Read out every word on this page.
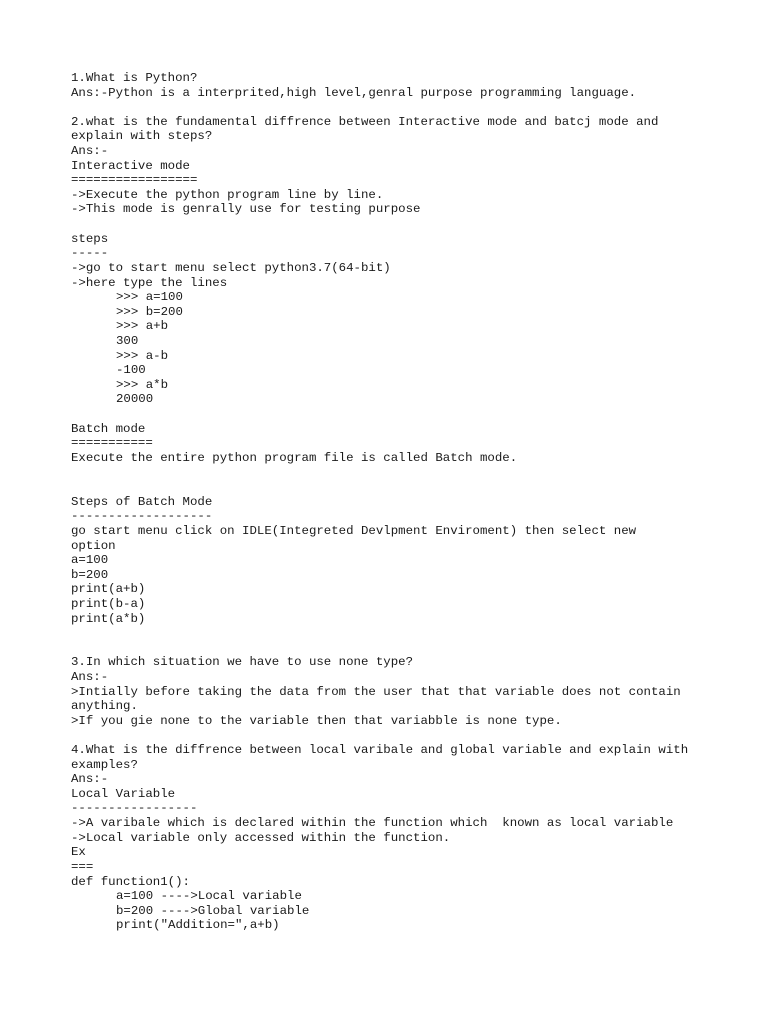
1.What is Python?
Ans:-Python is a interprited,high level,genral purpose programming language.
2.what is the fundamental diffrence between Interactive mode and batcj mode and
explain with steps?
Ans:-
Interactive mode
=================
->Execute the python program line by line.
->This mode is genrally use for testing purpose
steps
-----
->go to start menu select python3.7(64-bit)
->here type the lines
>>> a=100
>>> b=200
>>> a+b
300
>>> a-b
-100
>>> a*b
20000
Batch mode
===========
Execute the entire python program file is called Batch mode.
Steps of Batch Mode
-------------------
go start menu click on IDLE(Integreted Devlpment Enviroment) then select new
option
a=100
b=200
print(a+b)
print(b-a)
print(a*b)
3.In which situation we have to use none type?
Ans:-
>Intially before taking the data from the user that that variable does not contain
anything.
>If you gie none to the variable then that variabble is none type.
4.What is the diffrence between local varibale and global variable and explain with
examples?
Ans:-
Local Variable
-----------------
->A varibale which is declared within the function which  known as local variable
->Local variable only accessed within the function.
Ex
===
def function1():
a=100 ---->Local variable
b=200 ---->Global variable
print("Addition=",a+b)
